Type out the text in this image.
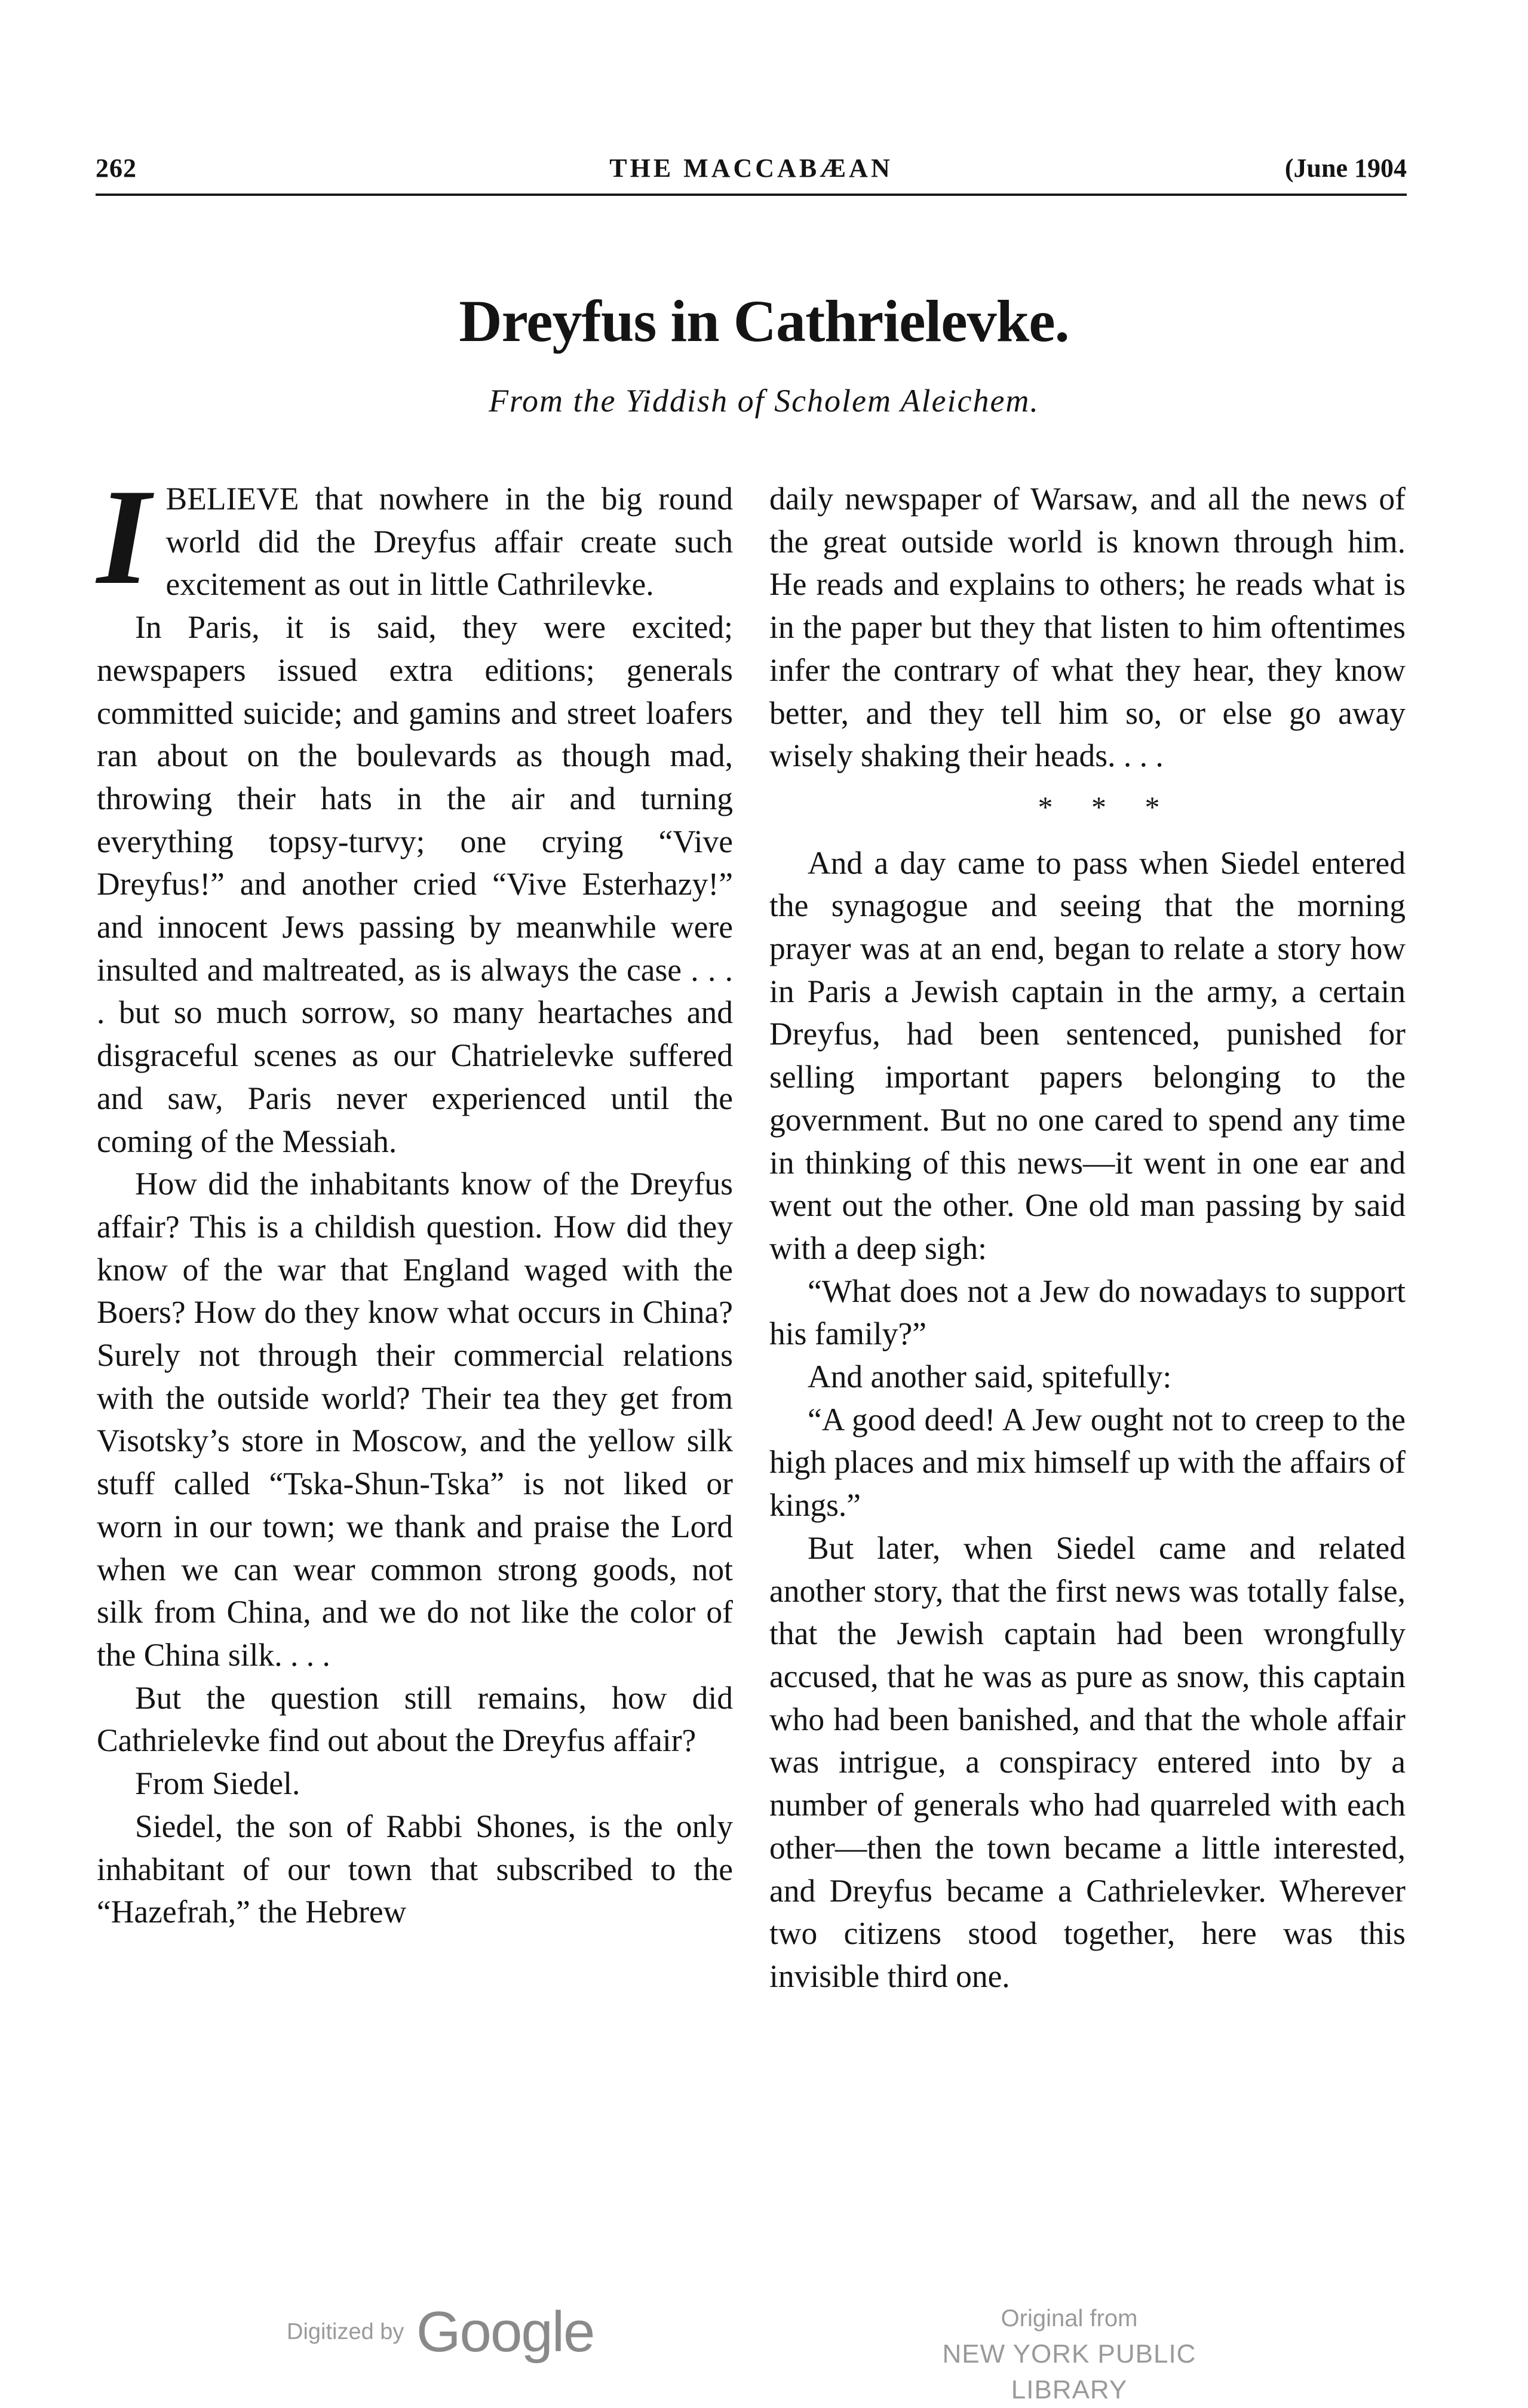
262	THE MACCABÆAN	(June 1904
Dreyfus in Cathrielevke.
From the Yiddish of Scholem Aleichem.

IBELIEVE that nowhere in the big round world did the Dreyfus affair create such excitement as out in little Cathrilevke.

In Paris, it is said, they were excited; newspapers issued extra editions; generals committed suicide; and gamins and street loafers ran about on the boulevards as though mad, throwing their hats in the air and turning everything topsy-turvy; one crying “Vive Dreyfus!” and another cried “Vive Esterhazy!” and innocent Jews passing by meanwhile were insulted and maltreated, as is always the case . . . . but so much sorrow, so many heartaches and disgraceful scenes as our Chatrielevke suffered and saw, Paris never experienced until the coming of the Messiah.

How did the inhabitants know of the Dreyfus affair? This is a childish question. How did they know of the war that England waged with the Boers? How do they know what occurs in China? Surely not through their commercial relations with the outside world? Their tea they get from Visotsky’s store in Moscow, and the yellow silk stuff called “Tska-Shun-Tska” is not liked or worn in our town; we thank and praise the Lord when we can wear common strong goods, not silk from China, and we do not like the color of the China silk. . . .

But the question still remains, how did Cathrielevke find out about the Dreyfus affair?

From Siedel.

Siedel, the son of Rabbi Shones, is the only inhabitant of our town that subscribed to the “Hazefrah,” the Hebrew

daily newspaper of Warsaw, and all the news of the great outside world is known through him. He reads and explains to others; he reads what is in the paper but they that listen to him oftentimes infer the contrary of what they hear, they know better, and they tell him so, or else go away wisely shaking their heads. . . .

* * *

And a day came to pass when Siedel entered the synagogue and seeing that the morning prayer was at an end, began to relate a story how in Paris a Jewish captain in the army, a certain Dreyfus, had been sentenced, punished for selling important papers belonging to the government. But no one cared to spend any time in thinking of this news—it went in one ear and went out the other. One old man passing by said with a deep sigh:

“What does not a Jew do nowadays to support his family?”

And another said, spitefully:

“A good deed! A Jew ought not to creep to the high places and mix himself up with the affairs of kings.”

But later, when Siedel came and related another story, that the first news was totally false, that the Jewish captain had been wrongfully accused, that he was as pure as snow, this captain who had been banished, and that the whole affair was intrigue, a conspiracy entered into by a number of generals who had quarreled with each other—then the town became a little interested, and Dreyfus became a Cathrielevker. Wherever two citizens stood together, here was this invisible third one.

Digitized by Google	Original from
NEW YORK PUBLIC LIBRARY
